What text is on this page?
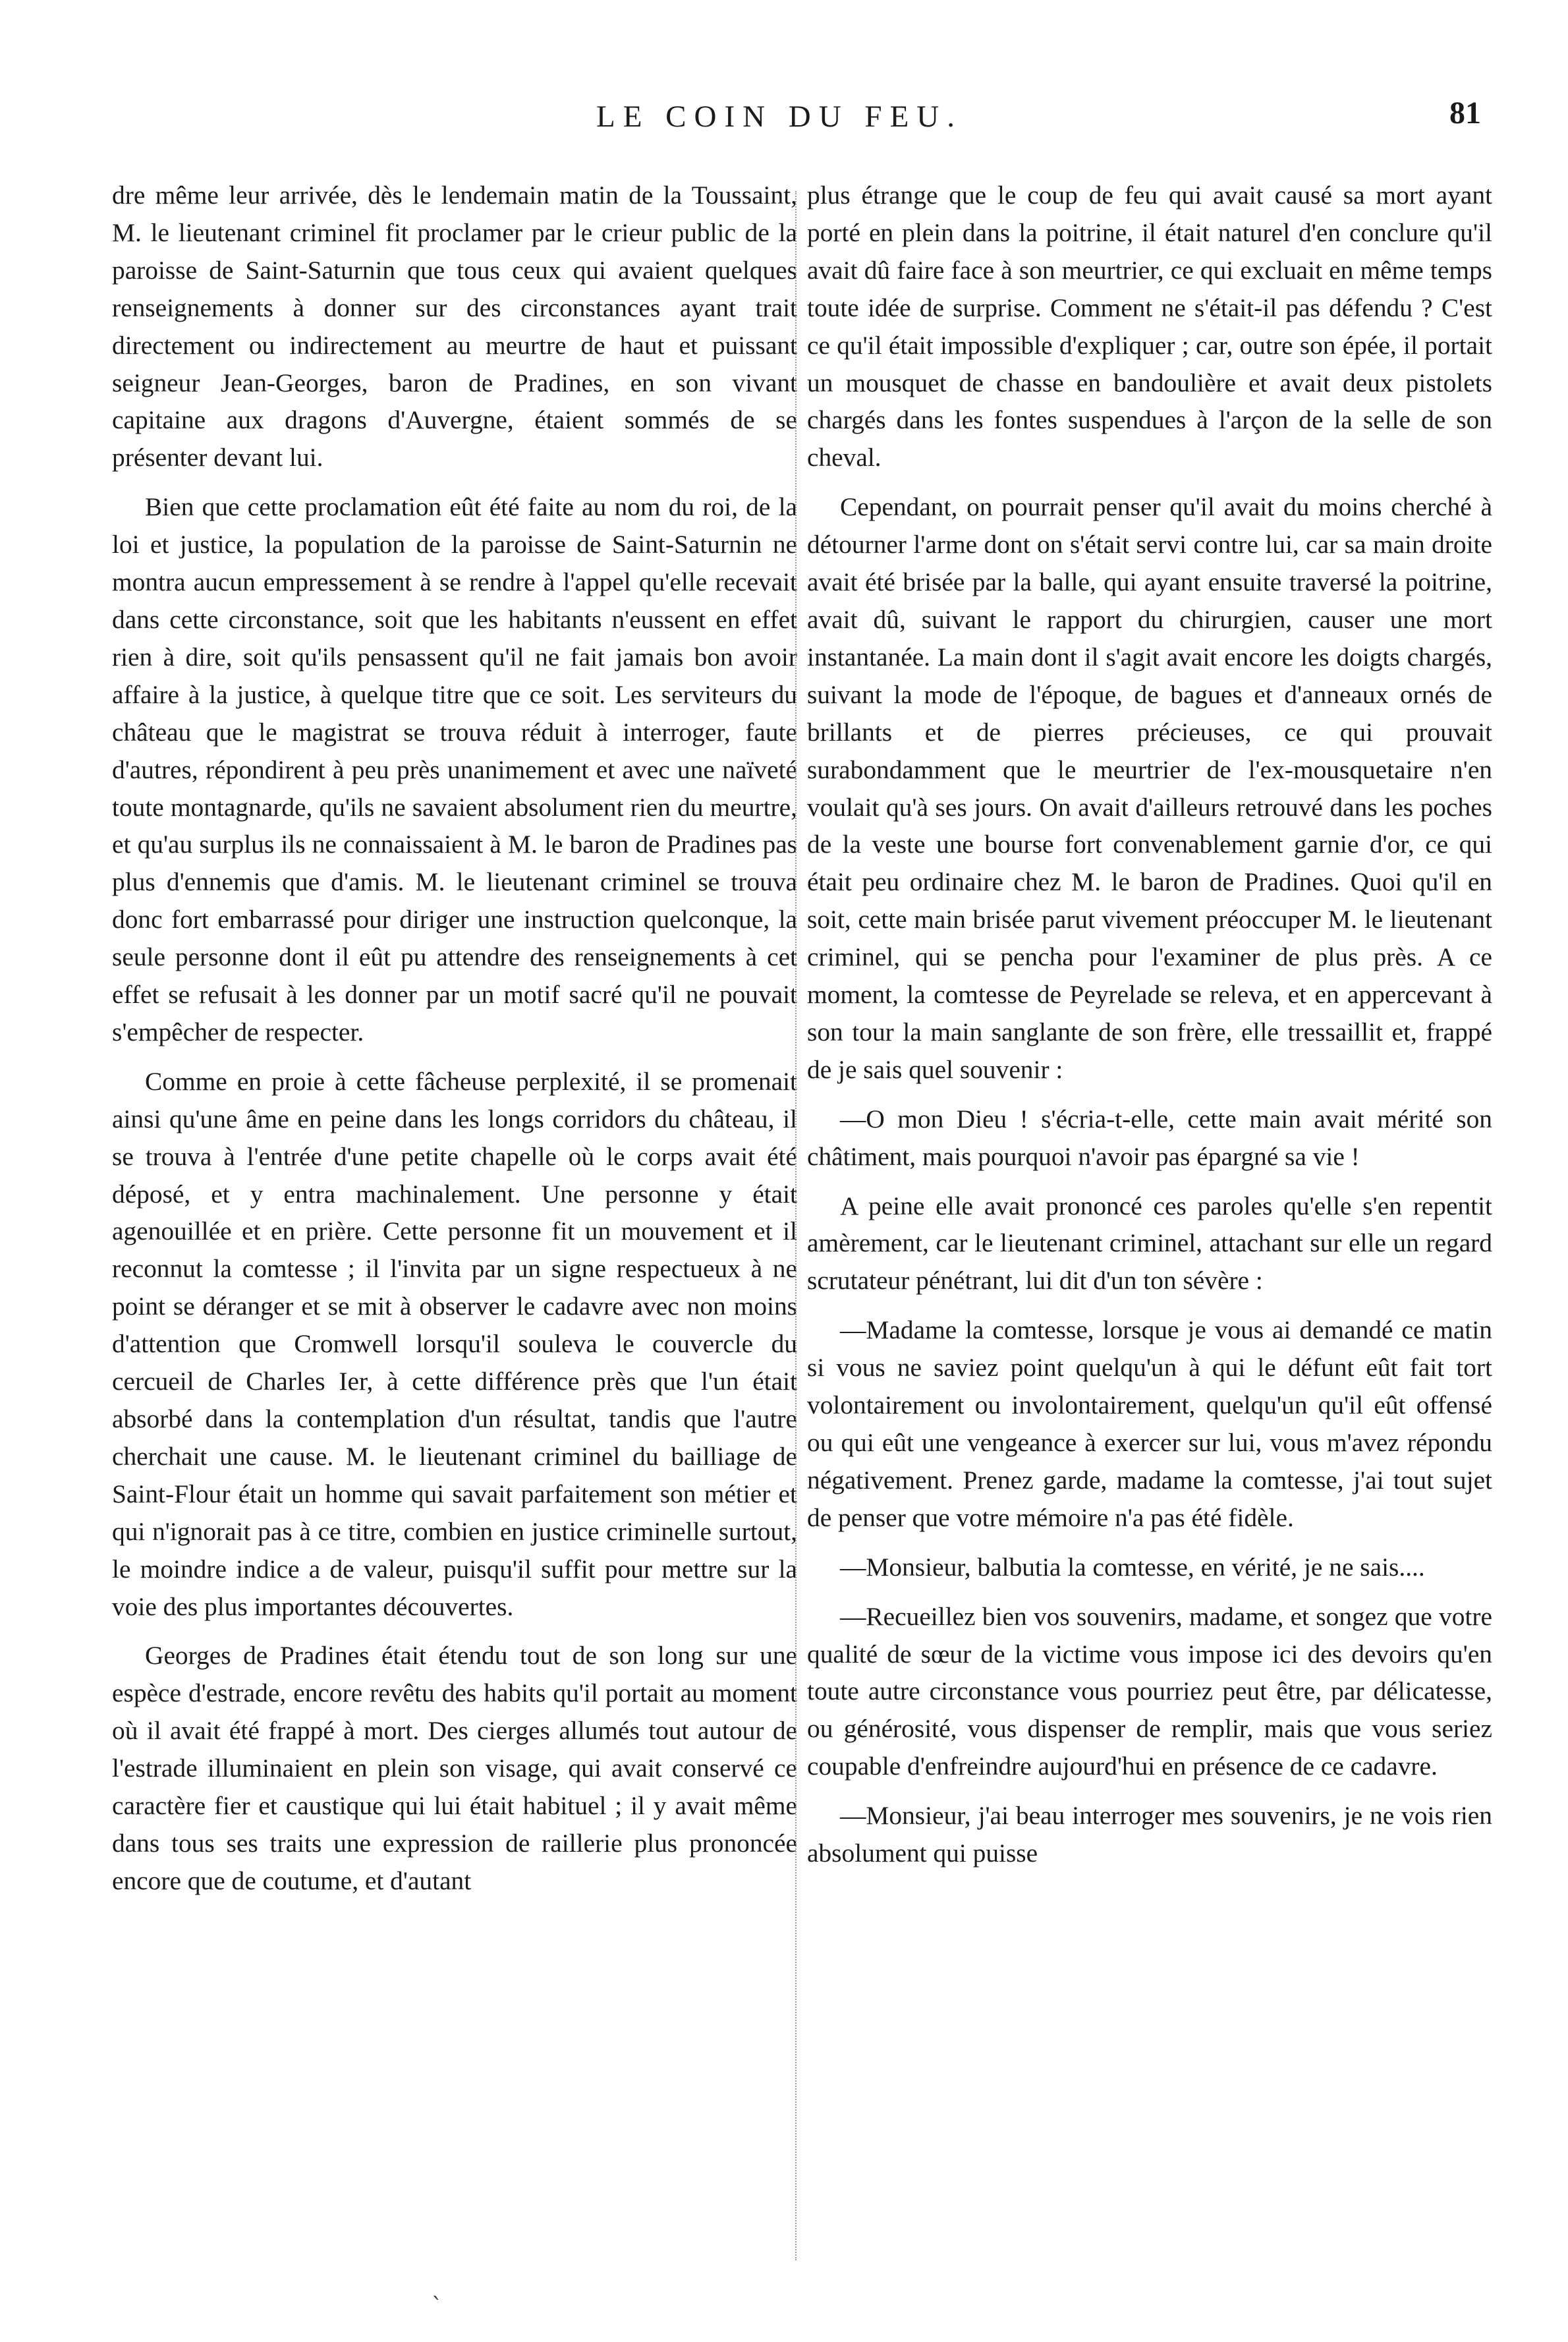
LE COIN DU FEU.	81

dre même leur arrivée, dès le lendemain matin de la Toussaint, M. le lieutenant criminel fit proclamer par le crieur public de la paroisse de Saint-Saturnin que tous ceux qui avaient quelques renseignements à donner sur des circonstances ayant trait directement ou indirectement au meurtre de haut et puissant seigneur Jean-Georges, baron de Pradines, en son vivant capitaine aux dragons d'Auvergne, étaient sommés de se présenter devant lui.

Bien que cette proclamation eût été faite au nom du roi, de la loi et justice, la population de la paroisse de Saint-Saturnin ne montra aucun empressement à se rendre à l'appel qu'elle recevait dans cette circonstance, soit que les habitants n'eussent en effet rien à dire, soit qu'ils pensassent qu'il ne fait jamais bon avoir affaire à la justice, à quelque titre que ce soit. Les serviteurs du château que le magistrat se trouva réduit à interroger, faute d'autres, répondirent à peu près unanimement et avec une naïveté toute montagnarde, qu'ils ne savaient absolument rien du meurtre, et qu'au surplus ils ne connaissaient à M. le baron de Pradines pas plus d'ennemis que d'amis. M. le lieutenant criminel se trouva donc fort embarrassé pour diriger une instruction quelconque, la seule personne dont il eût pu attendre des renseignements à cet effet se refusait à les donner par un motif sacré qu'il ne pouvait s'empêcher de respecter.

Comme en proie à cette fâcheuse perplexité, il se promenait ainsi qu'une âme en peine dans les longs corridors du château, il se trouva à l'entrée d'une petite chapelle où le corps avait été déposé, et y entra machinalement. Une personne y était agenouillée et en prière. Cette personne fit un mouvement et il reconnut la comtesse ; il l'invita par un signe respectueux à ne point se déranger et se mit à observer le cadavre avec non moins d'attention que Cromwell lorsqu'il souleva le couvercle du cercueil de Charles Ier, à cette différence près que l'un était absorbé dans la contemplation d'un résultat, tandis que l'autre cherchait une cause. M. le lieutenant criminel du bailliage de Saint-Flour était un homme qui savait parfaitement son métier et qui n'ignorait pas à ce titre, combien en justice criminelle surtout, le moindre indice a de valeur, puisqu'il suffit pour mettre sur la voie des plus importantes découvertes.

Georges de Pradines était étendu tout de son long sur une espèce d'estrade, encore revêtu des habits qu'il portait au moment où il avait été frappé à mort. Des cierges allumés tout autour de l'estrade illuminaient en plein son visage, qui avait conservé ce caractère fier et caustique qui lui était habituel ; il y avait même dans tous ses traits une expression de raillerie plus prononcée encore que de coutume, et d'autant

plus étrange que le coup de feu qui avait causé sa mort ayant porté en plein dans la poitrine, il était naturel d'en conclure qu'il avait dû faire face à son meurtrier, ce qui excluait en même temps toute idée de surprise. Comment ne s'était-il pas défendu ? C'est ce qu'il était impossible d'expliquer ; car, outre son épée, il portait un mousquet de chasse en bandoulière et avait deux pistolets chargés dans les fontes suspendues à l'arçon de la selle de son cheval.

Cependant, on pourrait penser qu'il avait du moins cherché à détourner l'arme dont on s'était servi contre lui, car sa main droite avait été brisée par la balle, qui ayant ensuite traversé la poitrine, avait dû, suivant le rapport du chirurgien, causer une mort instantanée. La main dont il s'agit avait encore les doigts chargés, suivant la mode de l'époque, de bagues et d'anneaux ornés de brillants et de pierres précieuses, ce qui prouvait surabondamment que le meurtrier de l'ex-mousquetaire n'en voulait qu'à ses jours. On avait d'ailleurs retrouvé dans les poches de la veste une bourse fort convenablement garnie d'or, ce qui était peu ordinaire chez M. le baron de Pradines. Quoi qu'il en soit, cette main brisée parut vivement préoccuper M. le lieutenant criminel, qui se pencha pour l'examiner de plus près. A ce moment, la comtesse de Peyrelade se releva, et en appercevant à son tour la main sanglante de son frère, elle tressaillit et, frappé de je sais quel souvenir :

—O mon Dieu ! s'écria-t-elle, cette main avait mérité son châtiment, mais pourquoi n'avoir pas épargné sa vie !

A peine elle avait prononcé ces paroles qu'elle s'en repentit amèrement, car le lieutenant criminel, attachant sur elle un regard scrutateur pénétrant, lui dit d'un ton sévère :

—Madame la comtesse, lorsque je vous ai demandé ce matin si vous ne saviez point quelqu'un à qui le défunt eût fait tort volontairement ou involontairement, quelqu'un qu'il eût offensé ou qui eût une vengeance à exercer sur lui, vous m'avez répondu négativement. Prenez garde, madame la comtesse, j'ai tout sujet de penser que votre mémoire n'a pas été fidèle.

—Monsieur, balbutia la comtesse, en vérité, je ne sais....

—Recueillez bien vos souvenirs, madame, et songez que votre qualité de sœur de la victime vous impose ici des devoirs qu'en toute autre circonstance vous pourriez peut être, par délicatesse, ou générosité, vous dispenser de remplir, mais que vous seriez coupable d'enfreindre aujourd'hui en présence de ce cadavre.

—Monsieur, j'ai beau interroger mes souvenirs, je ne vois rien absolument qui puisse

`
